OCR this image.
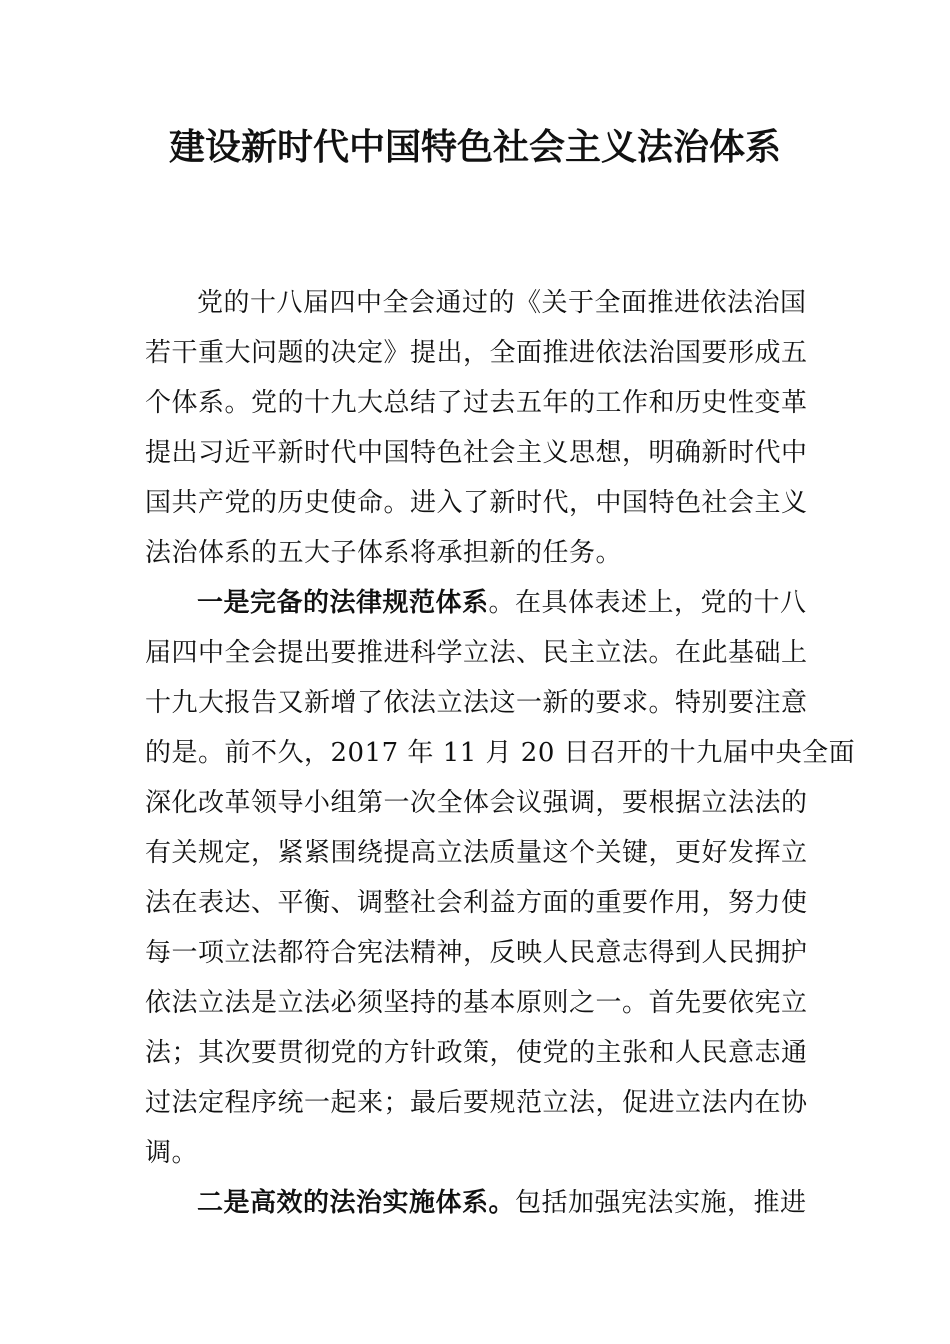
建设新时代中国特色社会主义法治体系
党的十八届四中全会通过的《关于全面推进依法治国
若干重大问题的决定》提出，全面推进依法治国要形成五
个体系。党的十九大总结了过去五年的工作和历史性变革
提出习近平新时代中国特色社会主义思想，明确新时代中
国共产党的历史使命。进入了新时代，中国特色社会主义
法治体系的五大子体系将承担新的任务。
一是完备的法律规范体系。在具体表述上，党的十八
届四中全会提出要推进科学立法、民主立法。在此基础上
十九大报告又新增了依法立法这一新的要求。特别要注意
的是。前不久，2017 年 11 月 20 日召开的十九届中央全面
深化改革领导小组第一次全体会议强调，要根据立法法的
有关规定，紧紧围绕提高立法质量这个关键，更好发挥立
法在表达、平衡、调整社会利益方面的重要作用，努力使
每一项立法都符合宪法精神，反映人民意志得到人民拥护
依法立法是立法必须坚持的基本原则之一。首先要依宪立
法；其次要贯彻党的方针政策，使党的主张和人民意志通
过法定程序统一起来；最后要规范立法，促进立法内在协
调。
二是高效的法治实施体系。包括加强宪法实施，推进
